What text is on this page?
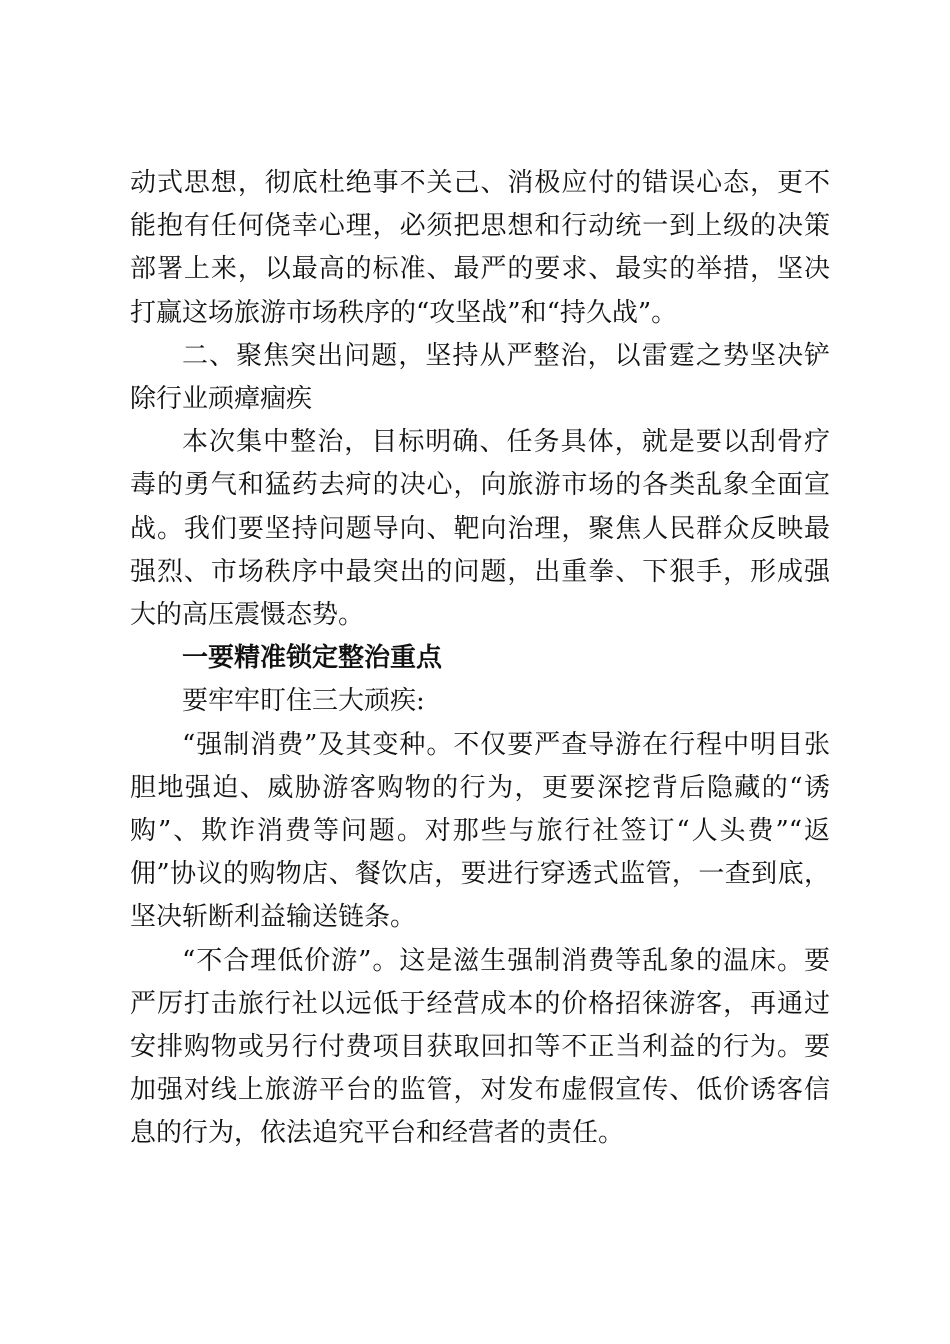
动式思想，彻底杜绝事不关己、消极应付的错误心态，更不能抱有任何侥幸心理，必须把思想和行动统一到上级的决策部署上来，以最高的标准、最严的要求、最实的举措，坚决打赢这场旅游市场秩序的“攻坚战”和“持久战”。

二、聚焦突出问题，坚持从严整治，以雷霆之势坚决铲除行业顽瘴痼疾

本次集中整治，目标明确、任务具体，就是要以刮骨疗毒的勇气和猛药去疴的决心，向旅游市场的各类乱象全面宣战。我们要坚持问题导向、靶向治理，聚焦人民群众反映最强烈、市场秩序中最突出的问题，出重拳、下狠手，形成强大的高压震慑态势。

一要精准锁定整治重点

要牢牢盯住三大顽疾:

“强制消费”及其变种。不仅要严查导游在行程中明目张胆地强迫、威胁游客购物的行为，更要深挖背后隐藏的“诱购”、欺诈消费等问题。对那些与旅行社签订“人头费”“返佣”协议的购物店、餐饮店，要进行穿透式监管，一查到底，坚决斩断利益输送链条。

“不合理低价游”。这是滋生强制消费等乱象的温床。要严厉打击旅行社以远低于经营成本的价格招徕游客，再通过安排购物或另行付费项目获取回扣等不正当利益的行为。要加强对线上旅游平台的监管，对发布虚假宣传、低价诱客信息的行为，依法追究平台和经营者的责任。
